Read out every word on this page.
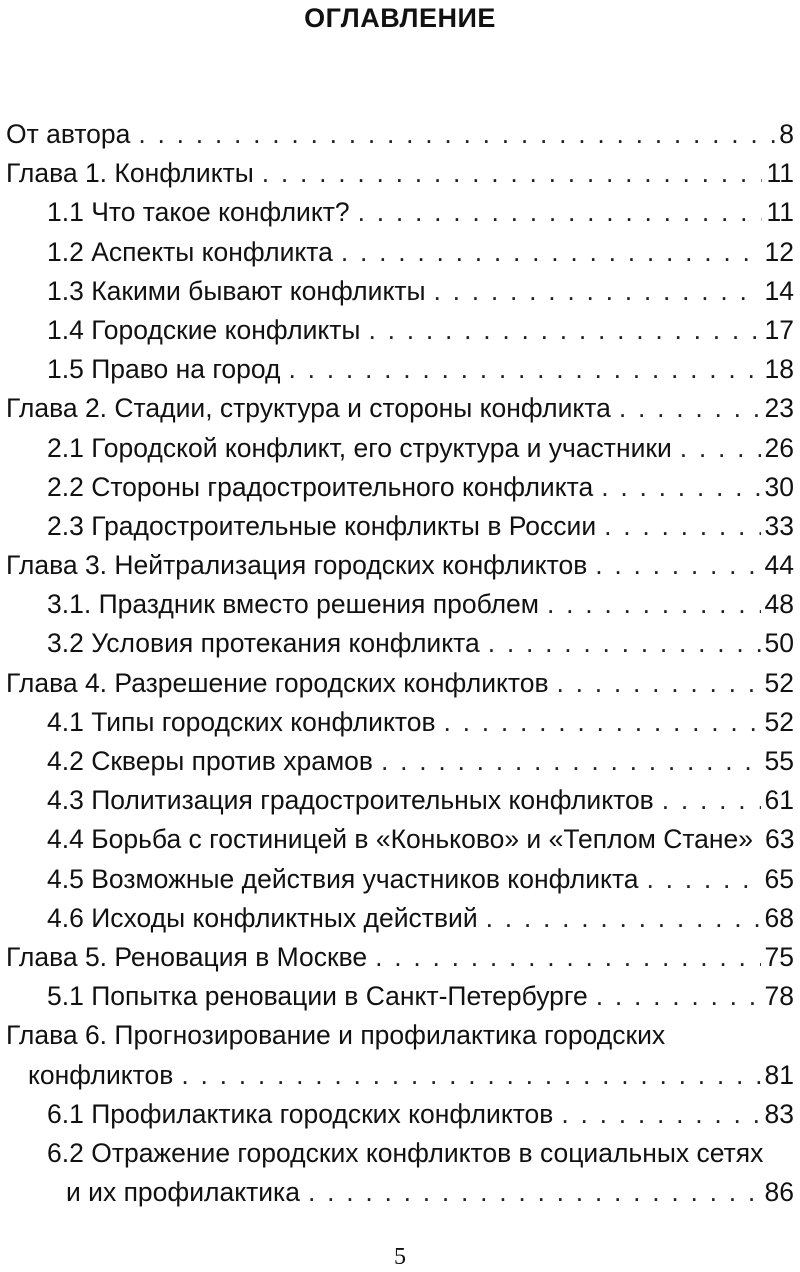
ОГЛАВЛЕНИЕ
От автора . . .	8
Глава 1. Конфликты . . .	11
1.1 Что такое конфликт? . . .	11
1.2 Аспекты конфликта . . .	12
1.3 Какими бывают конфликты . . .	14
1.4 Городские конфликты . . .	17
1.5 Право на город . . .	18
Глава 2. Стадии, структура и стороны конфликта . . .	23
2.1 Городской конфликт, его структура и участники . . .	26
2.2 Стороны градостроительного конфликта . . .	30
2.3 Градостроительные конфликты в России . . .	33
Глава 3. Нейтрализация городских конфликтов . . .	44
3.1. Праздник вместо решения проблем . . .	48
3.2 Условия протекания конфликта . . .	50
Глава 4. Разрешение городских конфликтов . . .	52
4.1 Типы городских конфликтов . . .	52
4.2 Скверы против храмов . . .	55
4.3 Политизация градостроительных конфликтов . . .	61
4.4 Борьба с гостиницей в «Коньково» и «Теплом Стане» 63
4.5 Возможные действия участников конфликта . . .	65
4.6 Исходы конфликтных действий . . .	68
Глава 5. Реновация в Москве . . .	75
5.1 Попытка реновации в Санкт-Петербурге . . .	78
Глава 6. Прогнозирование и профилактика городских
конфликтов . . .	81
6.1 Профилактика городских конфликтов . . .	83
6.2 Отражение городских конфликтов в социальных сетях
и их профилактика . . .	86
5
